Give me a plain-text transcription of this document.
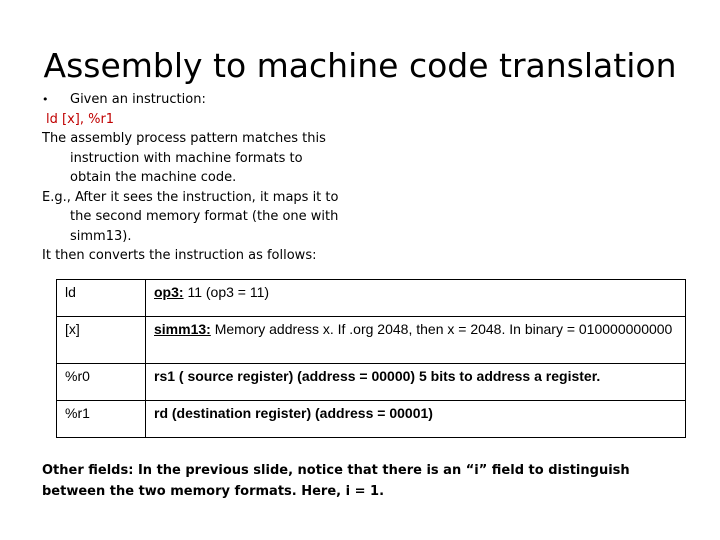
Assembly to machine code translation
• Given an instruction:
ld [x], %r1
The assembly process pattern matches this
instruction with machine formats to
obtain the machine code.
E.g., After it sees the instruction, it maps it to
the second memory format (the one with
simm13).
It then converts the instruction as follows:
ld	op3: 11 (op3 = 11)
[x]	simm13: Memory address x. If .org 2048, then x = 2048. In binary = 010000000000
%r0	rs1 ( source register) (address = 00000) 5 bits to address a register.
%r1	rd (destination register) (address = 00001)
Other fields: In the previous slide, notice that there is an “i” field to distinguish between the two memory formats. Here, i = 1.
